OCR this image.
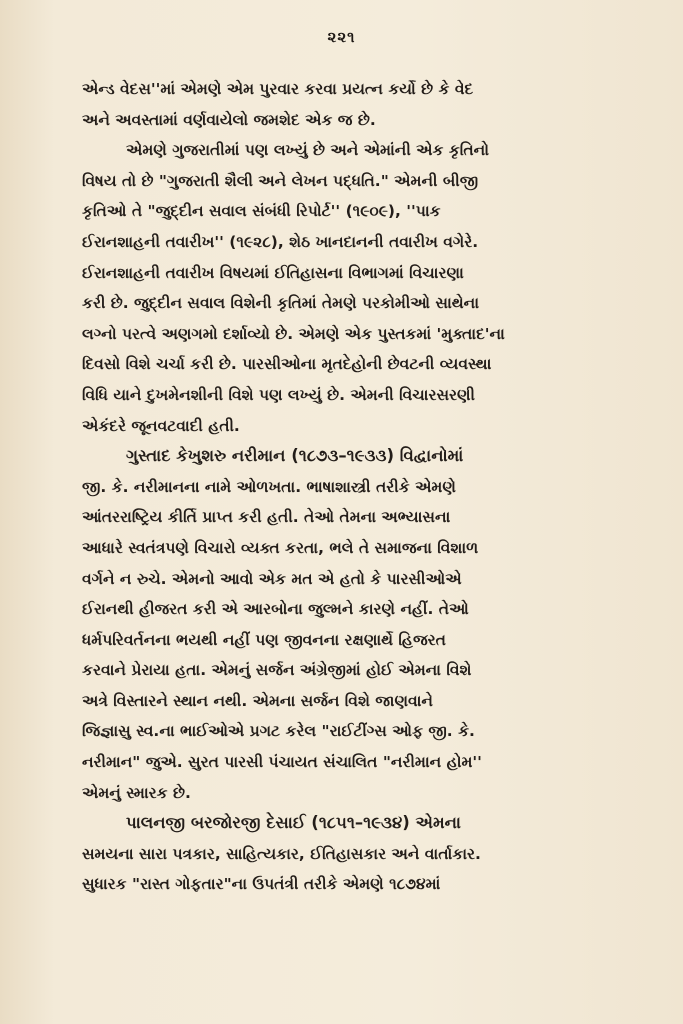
૨૨૧
એન્ડ વેદસ''માં એમણે એમ પુરવાર કરવા પ્રયત્ન કર્યો છે કે વેદ
અને અવસ્તામાં વર્ણવાયેલો જમશેદ એક જ છે.
એમણે ગુજરાતીમાં પણ લખ્યું છે અને એમાંની એક કૃતિનો
વિષય તો છે "ગુજરાતી શૈલી અને લેખન પદ્ધતિ." એમની બીજી
કૃતિઓ તે "જુદ્દીન સવાલ સંબંધી રિપોર્ટ'' (૧૯૦૯), ''પાક
ઈરાનશાહની તવારીખ'' (૧૯૨૮), શેઠ ખાનદાનની તવારીખ વગેરે.
ઈરાનશાહની તવારીખ વિષયમાં ઈતિહાસના વિભાગમાં વિચારણા
કરી છે. જુદ્દીન સવાલ વિશેની કૃતિમાં તેમણે પરકોમીઓ સાથેના
લગ્નો પરત્વે અણગમો દર્શાવ્યો છે. એમણે એક પુસ્તકમાં 'મુક્તાદ'ના
દિવસો વિશે ચર્ચા કરી છે. પારસીઓના મૃતદેહોની છેવટની વ્યવસ્થા
વિધિ યાને દુખમેનશીની વિશે પણ લખ્યું છે. એમની વિચારસરણી
એકંદરે જૂનવટવાદી હતી.
ગુસ્તાદ કેખુશરુ નરીમાન (૧૮૭૩–૧૯૩૩) વિદ્વાનોમાં
જી. કે. નરીમાનના નામે ઓળખતા. ભાષાશાસ્ત્રી તરીકે એમણે
આંતરરાષ્ટ્રિય કીર્તિ પ્રાપ્ત કરી હતી. તેઓ તેમના અભ્યાસના
આધારે સ્વતંત્રપણે વિચારો વ્યક્ત કરતા, ભલે તે સમાજના વિશાળ
વર્ગને ન રુચે. એમનો આવો એક મત એ હતો કે પારસીઓએ
ઈરાનથી હીજરત કરી એ આરબોના જુલ્મને કારણે નહીં. તેઓ
ધર્મપરિવર્તનના ભયથી નહીં પણ જીવનના રક્ષણાર્થે હિજરત
કરવાને પ્રેરાયા હતા. એમનું સર્જન અંગ્રેજીમાં હોઈ એમના વિશે
અત્રે વિસ્તારને સ્થાન નથી. એમના સર્જન વિશે જાણવાને
જિજ્ઞાસુ સ્વ.ના ભાઈઓએ પ્રગટ કરેલ "રાઈટીંગ્સ ઓફ જી. કે.
નરીમાન" જુએ. સુરત પારસી પંચાયત સંચાલિત "નરીમાન હોમ''
એમનું સ્મારક છે.
પાલનજી બરજોરજી દેસાઈ (૧૮૫૧–૧૯૩૪) એમના
સમયના સારા પત્રકાર, સાહિત્યકાર, ઈતિહાસકાર અને વાર્તાકાર.
સુધારક "રાસ્ત ગોફતાર"ના ઉપતંત્રી તરીકે એમણે ૧૮૭૪માં
